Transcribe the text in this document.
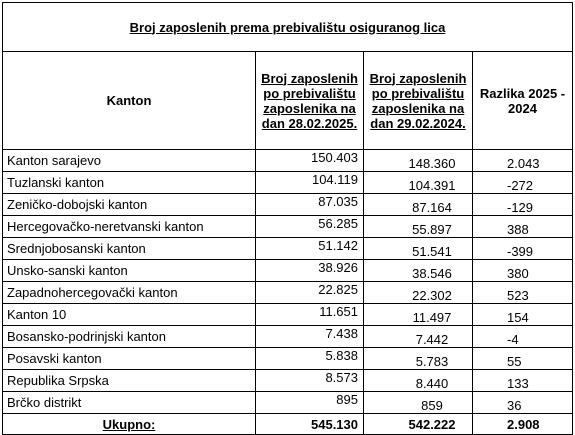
Broj zaposlenih prema prebivalištu osiguranog lica			
Kanton	Broj zaposlenih po prebivalištu zaposlenika na dan 28.02.2025.	Broj zaposlenih po prebivalištu zaposlenika na dan 29.02.2024.	Razlika 2025 - 2024
Kanton sarajevo	150.403	148.360	2.043
Tuzlanski kanton	104.119	104.391	-272
Zeničko-dobojski kanton	87.035	87.164	-129
Hercegovačko-neretvanski kanton	56.285	55.897	388
Srednjobosanski kanton	51.142	51.541	-399
Unsko-sanski kanton	38.926	38.546	380
Zapadnohercegovački kanton	22.825	22.302	523
Kanton 10	11.651	11.497	154
Bosansko-podrinjski kanton	7.438	7.442	-4
Posavski kanton	5.838	5.783	55
Republika Srpska	8.573	8.440	133
Brčko distrikt	895	859	36
Ukupno:	545.130	542.222	2.908
